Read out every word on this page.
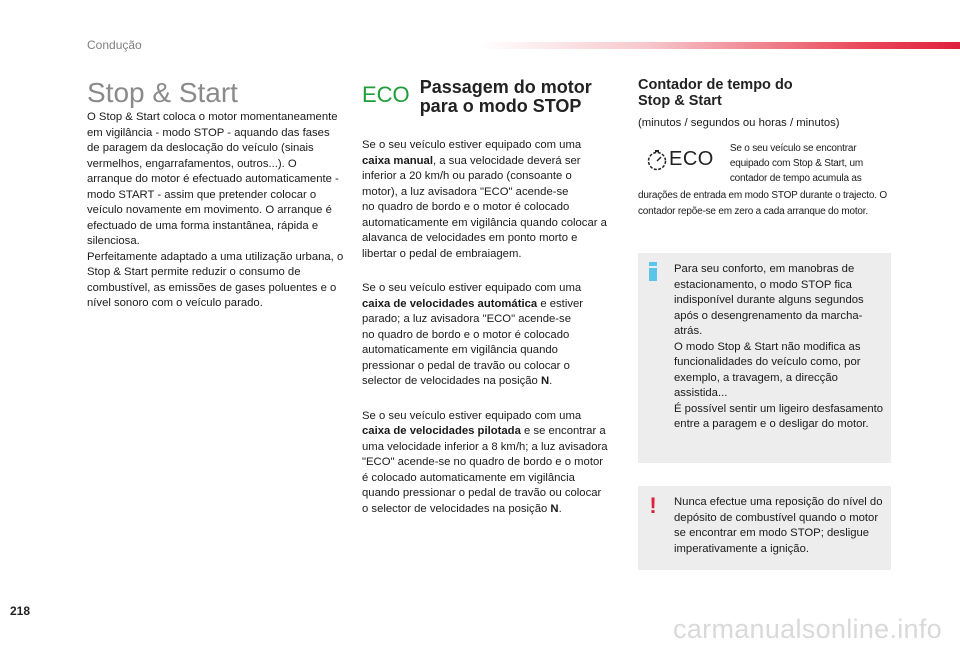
Condução
Stop & Start

O Stop & Start coloca o motor momentaneamente em vigilância - modo STOP - aquando das fases de paragem da deslocação do veículo (sinais vermelhos, engarrafamentos, outros...). O arranque do motor é efectuado automaticamente - modo START - assim que pretender colocar o veículo novamente em movimento. O arranque é efectuado de uma forma instantânea, rápida e silenciosa.
Perfeitamente adaptado a uma utilização urbana, o Stop & Start permite reduzir o consumo de combustível, as emissões de gases poluentes e o nível sonoro com o veículo parado.

ECO Passagem do motor
para o modo STOP

Se o seu veículo estiver equipado com uma caixa manual, a sua velocidade deverá ser inferior a 20 km/h ou parado (consoante o motor), a luz avisadora "ECO" acende-se
no quadro de bordo e o motor é colocado automaticamente em vigilância quando colocar a alavanca de velocidades em ponto morto e libertar o pedal de embraiagem.

Se o seu veículo estiver equipado com uma caixa de velocidades automática e estiver parado; a luz avisadora "ECO" acende-se
no quadro de bordo e o motor é colocado automaticamente em vigilância quando pressionar o pedal de travão ou colocar o selector de velocidades na posição N.

Se o seu veículo estiver equipado com uma caixa de velocidades pilotada e se encontrar a uma velocidade inferior a 8 km/h; a luz avisadora "ECO" acende-se no quadro de bordo e o motor é colocado automaticamente em vigilância quando pressionar o pedal de travão ou colocar o selector de velocidades na posição N.

Contador de tempo do
Stop & Start

(minutos / segundos ou horas / minutos)

ECO Se o seu veículo se encontrar equipado com Stop & Start, um contador de tempo acumula as

durações de entrada em modo STOP durante o trajecto. O contador repõe-se em zero a cada arranque do motor.

Para seu conforto, em manobras de estacionamento, o modo STOP fica indisponível durante alguns segundos após o desengrenamento da marcha-atrás.
O modo Stop & Start não modifica as funcionalidades do veículo como, por exemplo, a travagem, a direcção assistida...
É possível sentir um ligeiro desfasamento entre a paragem e o desligar do motor.
! Nunca efectue uma reposição do nível do depósito de combustível quando o motor se encontrar em modo STOP; desligue imperativamente a ignição.
218
carmanualsonline.info
